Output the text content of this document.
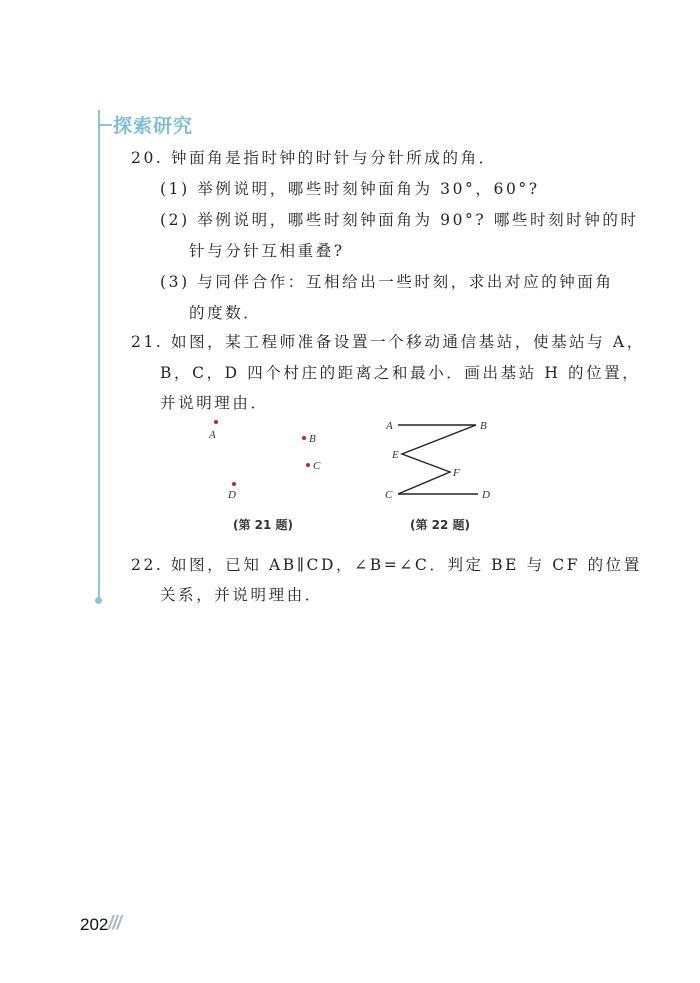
探索研究
20. 钟面角是指时钟的时针与分针所成的角．
(1) 举例说明，哪些时刻钟面角为 30°，60°?
(2) 举例说明，哪些时刻钟面角为 90°? 哪些时刻时钟的时
针与分针互相重叠?
(3) 与同伴合作：互相给出一些时刻，求出对应的钟面角
的度数．
21. 如图，某工程师准备设置一个移动通信基站，使基站与 A，
B，C，D 四个村庄的距离之和最小．画出基站 H 的位置，
并说明理由．
A	B
C
D
A	B
E
F
C	D
(第 21 题)	(第 22 题)
22. 如图，已知 AB∥CD，∠B=∠C．判定 BE 与 CF 的位置
关系，并说明理由．
202 ///
